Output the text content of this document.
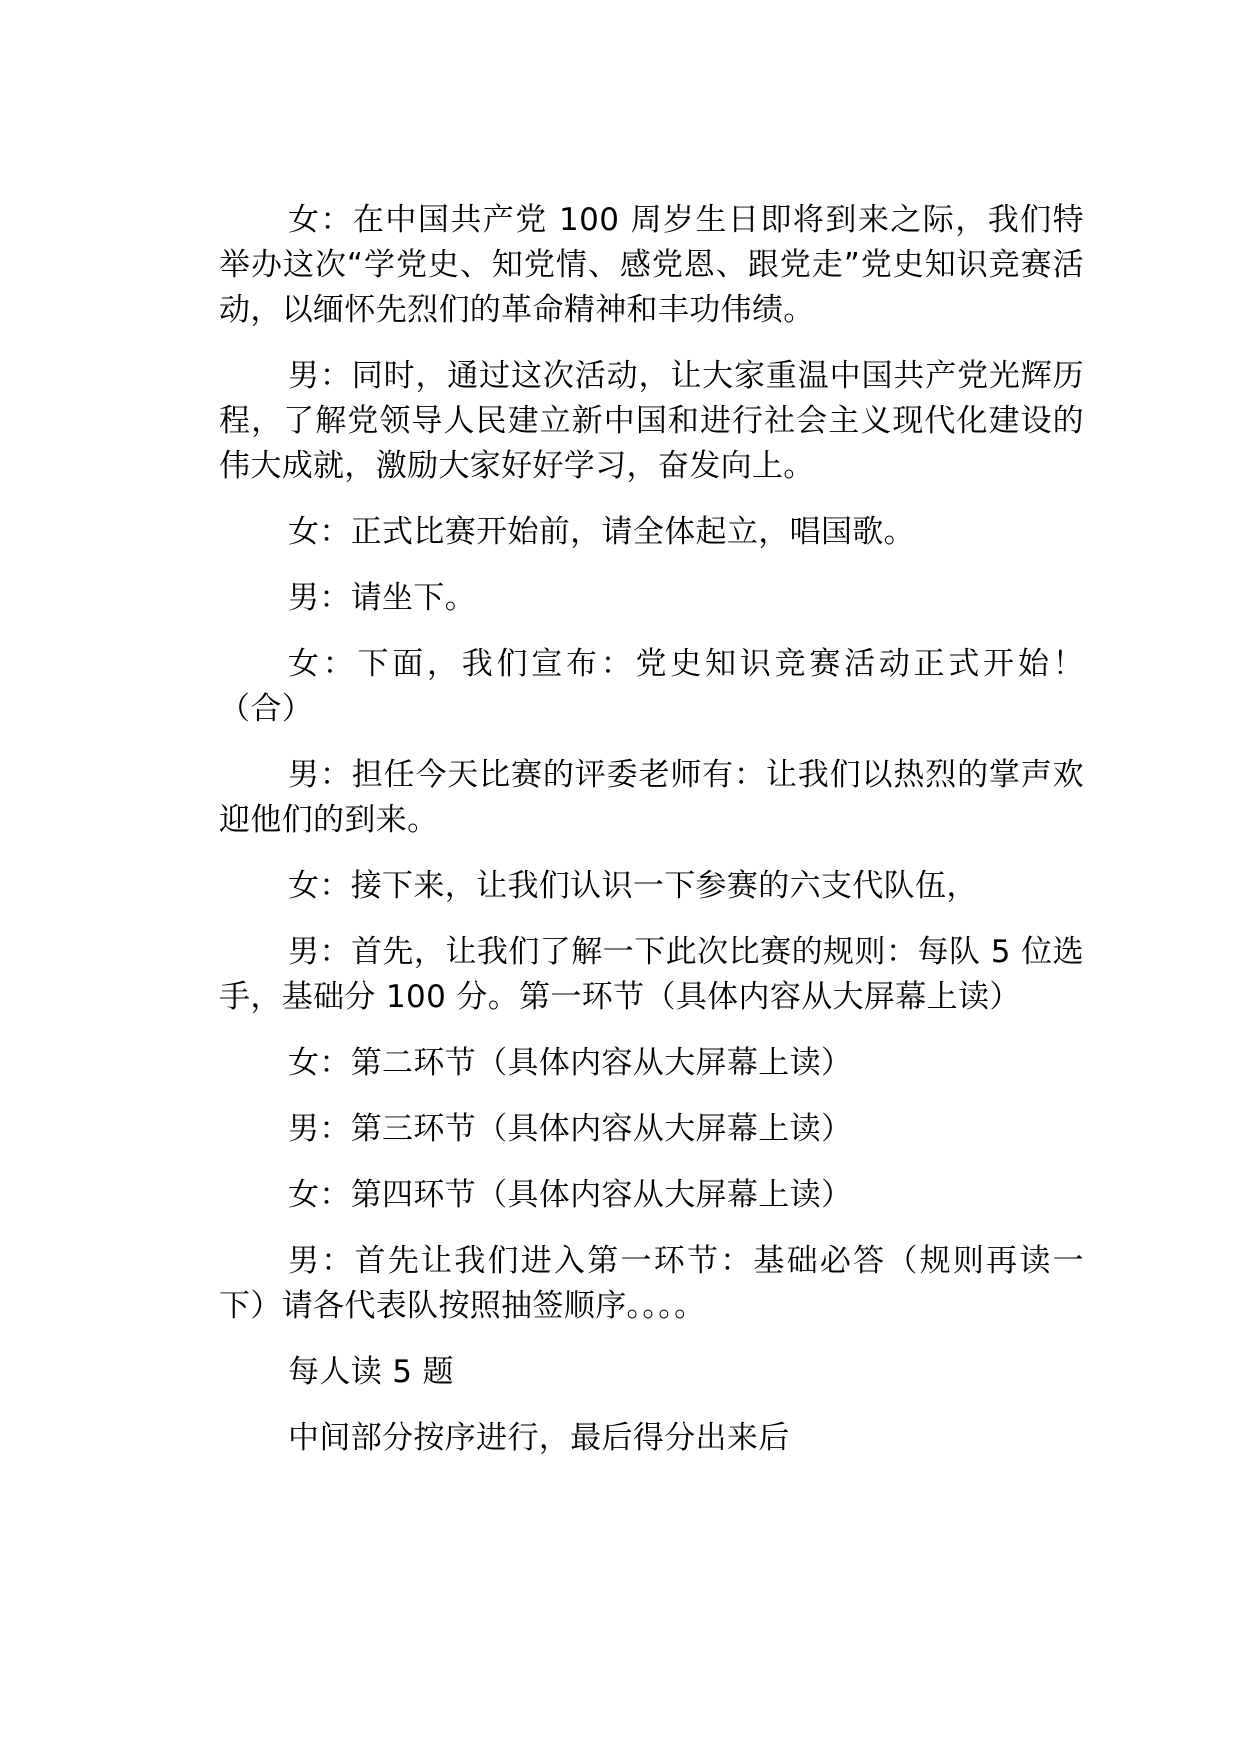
女：在中国共产党 100 周岁生日即将到来之际，我们特举办这次“学党史、知党情、感党恩、跟党走”党史知识竞赛活动，以缅怀先烈们的革命精神和丰功伟绩。

男：同时，通过这次活动，让大家重温中国共产党光辉历程，了解党领导人民建立新中国和进行社会主义现代化建设的伟大成就，激励大家好好学习，奋发向上。

女：正式比赛开始前，请全体起立，唱国歌。

男：请坐下。

女：下面，我们宣布：党史知识竞赛活动正式开始！（合）

男：担任今天比赛的评委老师有：让我们以热烈的掌声欢迎他们的到来。

女：接下来，让我们认识一下参赛的六支代队伍，

男：首先，让我们了解一下此次比赛的规则：每队 5 位选手，基础分 100 分。第一环节（具体内容从大屏幕上读）

女：第二环节（具体内容从大屏幕上读）

男：第三环节（具体内容从大屏幕上读）

女：第四环节（具体内容从大屏幕上读）

男：首先让我们进入第一环节：基础必答（规则再读一下）请各代表队按照抽签顺序。。。。

每人读 5 题

中间部分按序进行，最后得分出来后
